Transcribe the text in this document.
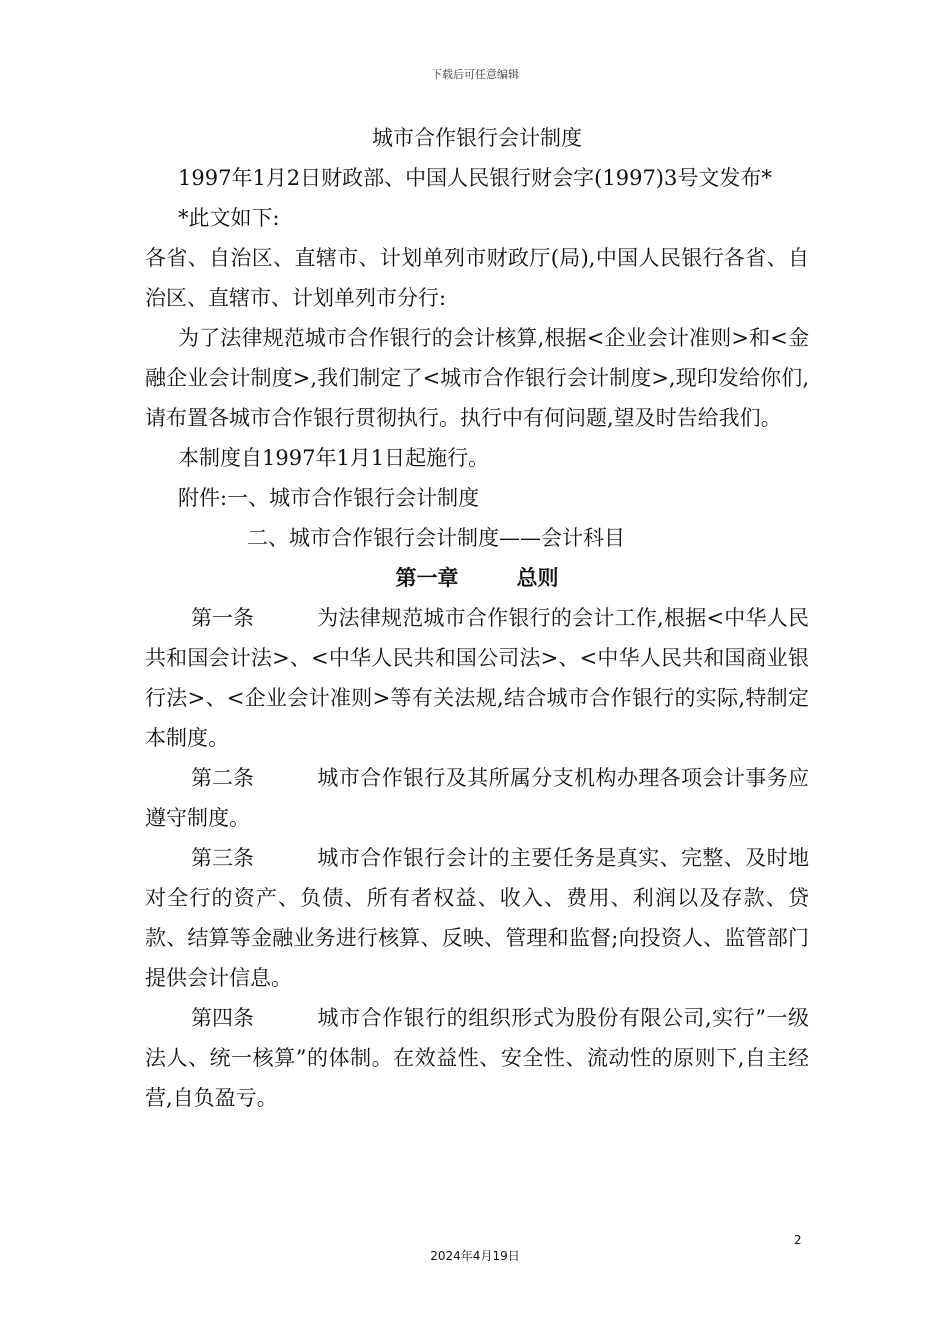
下载后可任意编辑

城市合作银行会计制度

1997年1月2日财政部、中国人民银行财会字(1997)3号文发布*

*此文如下:

各省、自治区、直辖市、计划单列市财政厅(局),中国人民银行各省、自治区、直辖市、计划单列市分行:

为了法律规范城市合作银行的会计核算,根据<企业会计准则>和<金融企业会计制度>,我们制定了<城市合作银行会计制度>,现印发给你们,请布置各城市合作银行贯彻执行。执行中有何问题,望及时告给我们。

本制度自1997年1月1日起施行。

附件:一、城市合作银行会计制度

二、城市合作银行会计制度——会计科目

第一章	总则

第一条	为法律规范城市合作银行的会计工作,根据<中华人民共和国会计法>、<中华人民共和国公司法>、<中华人民共和国商业银行法>、<企业会计准则>等有关法规,结合城市合作银行的实际,特制定本制度。

第二条	城市合作银行及其所属分支机构办理各项会计事务应遵守制度。

第三条	城市合作银行会计的主要任务是真实、完整、及时地对全行的资产、负债、所有者权益、收入、费用、利润以及存款、贷款、结算等金融业务进行核算、反映、管理和监督;向投资人、监管部门提供会计信息。

第四条	城市合作银行的组织形式为股份有限公司,实行”一级法人、统一核算”的体制。在效益性、安全性、流动性的原则下,自主经营,自负盈亏。

2
2024年4月19日
